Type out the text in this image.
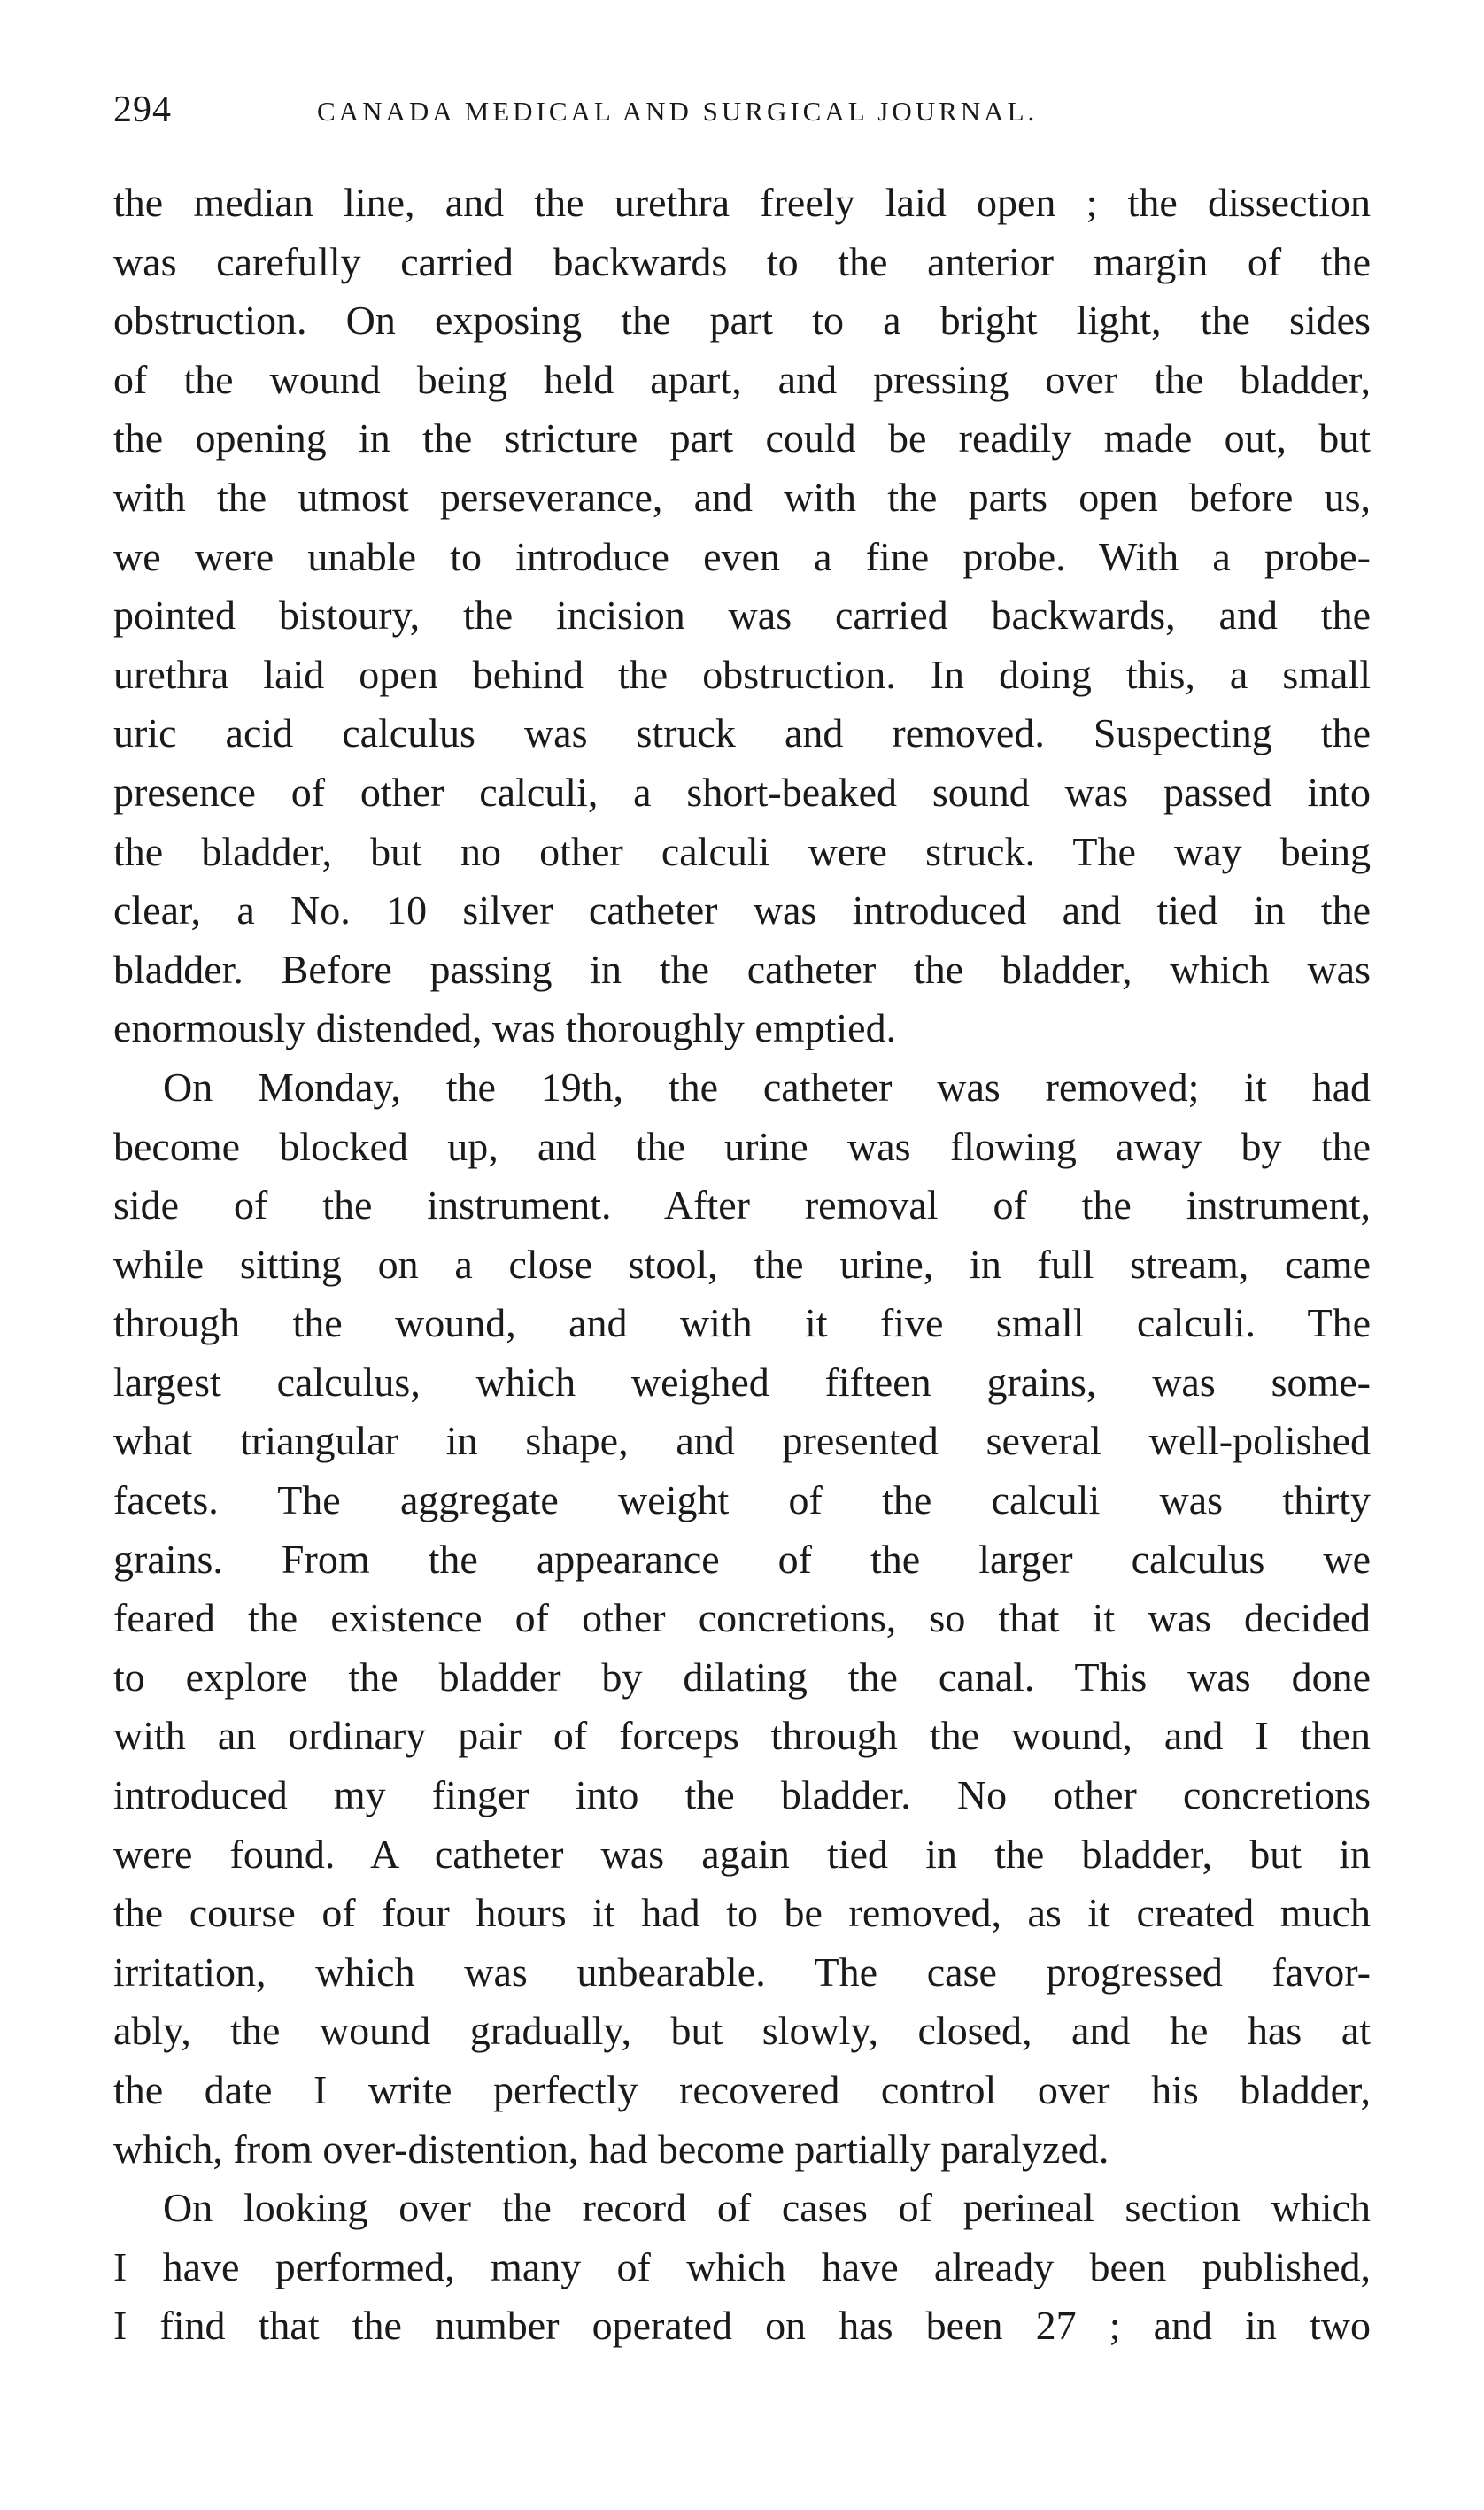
294	CANADA MEDICAL AND SURGICAL JOURNAL.
the median line, and the urethra freely laid open ; the dissection
was carefully carried backwards to the anterior margin of the
obstruction. On exposing the part to a bright light, the sides
of the wound being held apart, and pressing over the bladder,
the opening in the stricture part could be readily made out, but
with the utmost perseverance, and with the parts open before us,
we were unable to introduce even a fine probe. With a probe-
pointed bistoury, the incision was carried backwards, and the
urethra laid open behind the obstruction. In doing this, a small
uric acid calculus was struck and removed. Suspecting the
presence of other calculi, a short-beaked sound was passed into
the bladder, but no other calculi were struck. The way being
clear, a No. 10 silver catheter was introduced and tied in the
bladder. Before passing in the catheter the bladder, which was
enormously distended, was thoroughly emptied.
On Monday, the 19th, the catheter was removed; it had
become blocked up, and the urine was flowing away by the
side of the instrument. After removal of the instrument,
while sitting on a close stool, the urine, in full stream, came
through the wound, and with it five small calculi. The
largest calculus, which weighed fifteen grains, was some-
what triangular in shape, and presented several well-polished
facets. The aggregate weight of the calculi was thirty
grains. From the appearance of the larger calculus we
feared the existence of other concretions, so that it was decided
to explore the bladder by dilating the canal. This was done
with an ordinary pair of forceps through the wound, and I then
introduced my finger into the bladder. No other concretions
were found. A catheter was again tied in the bladder, but in
the course of four hours it had to be removed, as it created much
irritation, which was unbearable. The case progressed favor-
ably, the wound gradually, but slowly, closed, and he has at
the date I write perfectly recovered control over his bladder,
which, from over-distention, had become partially paralyzed.
On looking over the record of cases of perineal section which
I have performed, many of which have already been published,
I find that the number operated on has been 27 ; and in two
